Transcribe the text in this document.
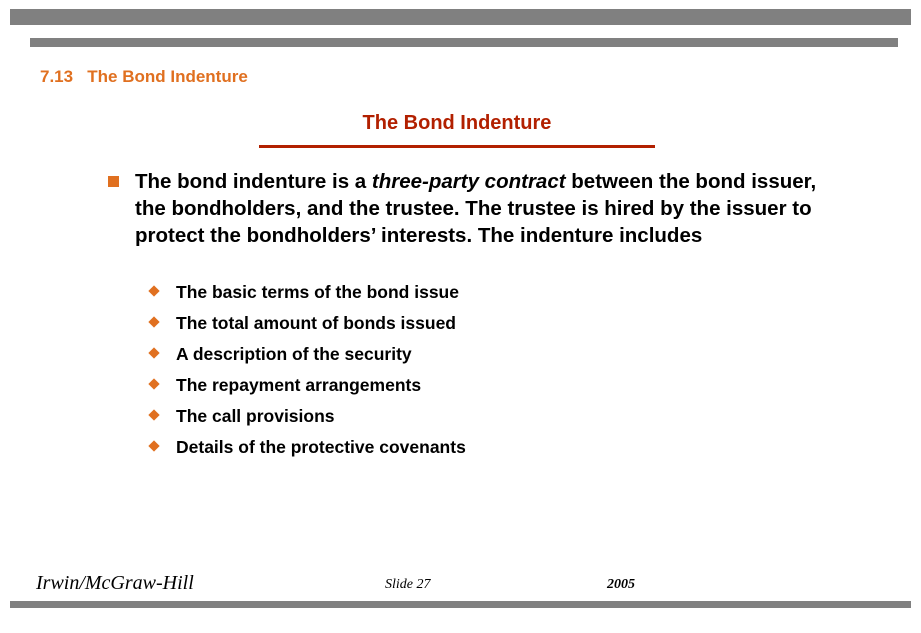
7.13   The Bond Indenture
The Bond Indenture
The bond indenture is a three-party contract between the bond issuer, the bondholders, and the trustee. The trustee is hired by the issuer to protect the bondholders’ interests. The indenture includes
The basic terms of the bond issue
The total amount of bonds issued
A description of the security
The repayment arrangements
The call provisions
Details of the protective covenants
Irwin/McGraw-Hill	Slide 27	2005
